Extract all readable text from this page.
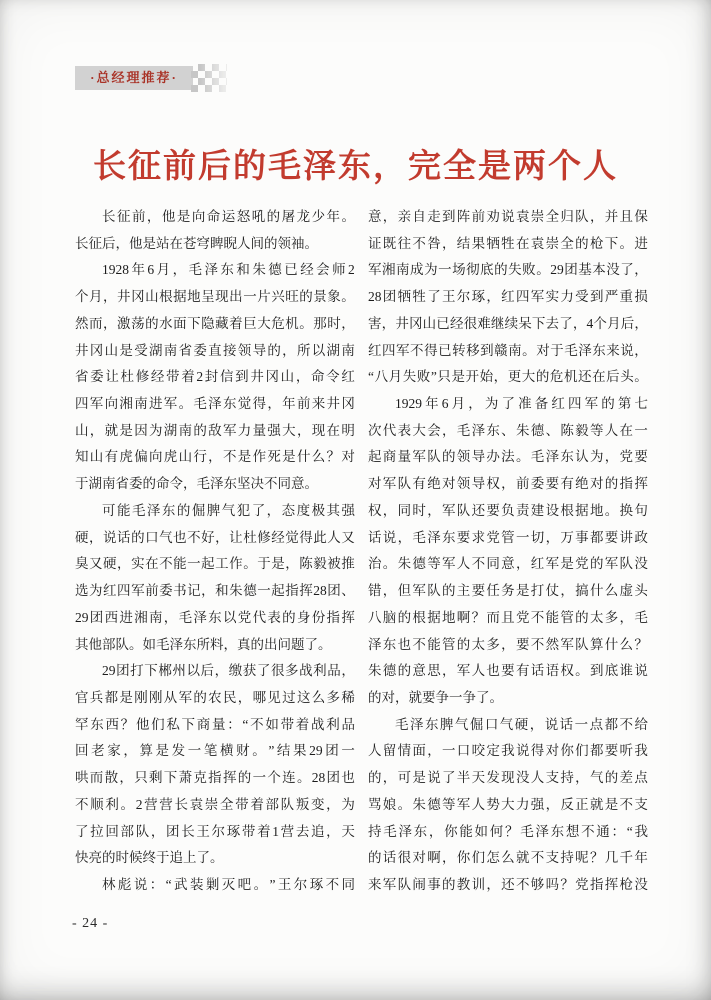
·总经理推荐·
长征前后的毛泽东，完全是两个人
长 征 前 ， 他 是 向 命 运 怒 吼 的 屠 龙 少 年 。
长征后，他是站在苍穹睥睨人间的领袖。
1928 年 6 月 ， 毛 泽 东 和 朱 德 已 经 会 师 2
个 月 ， 井 冈 山 根 据 地 呈 现 出 一 片 兴 旺 的 景 象 。
然 而 ， 激 荡 的 水 面 下 隐 藏 着 巨 大 危 机 。 那 时 ，
井 冈 山 是 受 湖 南 省 委 直 接 领 导 的 ， 所 以 湖 南
省 委 让 杜 修 经 带 着 2 封 信 到 井 冈 山 ， 命 令 红
四 军 向 湘 南 进 军 。 毛 泽 东 觉 得 ， 年 前 来 井 冈
山 ， 就 是 因 为 湖 南 的 敌 军 力 量 强 大 ， 现 在 明
知 山 有 虎 偏 向 虎 山 行 ， 不 是 作 死 是 什 么 ？ 对
于湖南省委的命令，毛泽东坚决不同意。
可 能 毛 泽 东 的 倔 脾 气 犯 了 ， 态 度 极 其 强
硬 ， 说 话 的 口 气 也 不 好 ， 让 杜 修 经 觉 得 此 人 又
臭 又 硬 ， 实 在 不 能 一 起 工 作 。 于 是 ， 陈 毅 被 推
选 为 红 四 军 前 委 书 记 ， 和 朱 德 一 起 指 挥 28 团 、
29 团 西 进 湘 南 ， 毛 泽 东 以 党 代 表 的 身 份 指 挥
其他部队。如毛泽东所料，真的出问题了。
29 团 打 下 郴 州 以 后 ， 缴 获 了 很 多 战 利 品 ，
官 兵 都 是 刚 刚 从 军 的 农 民 ， 哪 见 过 这 么 多 稀
罕 东 西 ？ 他 们 私 下 商 量 ： “ 不 如 带 着 战 利 品
回 老 家 ， 算 是 发 一 笔 横 财 。 ” 结 果 29 团 一
哄 而 散 ， 只 剩 下 萧 克 指 挥 的 一 个 连 。 28 团 也
不 顺 利 。 2 营 营 长 袁 崇 全 带 着 部 队 叛 变 ， 为
了 拉 回 部 队 ， 团 长 王 尔 琢 带 着 1 营 去 追 ， 天
快亮的时候终于追上了。
林 彪 说 ： “ 武 装 剿 灭 吧 。 ” 王 尔 琢 不 同
意 ， 亲 自 走 到 阵 前 劝 说 袁 崇 全 归 队 ， 并 且 保
证 既 往 不 咎 ， 结 果 牺 牲 在 袁 崇 全 的 枪 下 。 进
军 湘 南 成 为 一 场 彻 底 的 失 败 。 29 团 基 本 没 了 ，
28 团 牺 牲 了 王 尔 琢 ， 红 四 军 实 力 受 到 严 重 损
害 ， 井 冈 山 已 经 很 难 继 续 呆 下 去 了 ， 4 个 月 后 ，
红 四 军 不 得 已 转 移 到 赣 南 。 对 于 毛 泽 东 来 说 ，
“ 八 月 失 败 ” 只 是 开 始 ， 更 大 的 危 机 还 在 后 头 。
1929 年 6 月 ， 为 了 准 备 红 四 军 的 第 七
次 代 表 大 会 ， 毛 泽 东 、 朱 德 、 陈 毅 等 人 在 一
起 商 量 军 队 的 领 导 办 法 。 毛 泽 东 认 为 ， 党 要
对 军 队 有 绝 对 领 导 权 ， 前 委 要 有 绝 对 的 指 挥
权 ， 同 时 ， 军 队 还 要 负 责 建 设 根 据 地 。 换 句
话 说 ， 毛 泽 东 要 求 党 管 一 切 ， 万 事 都 要 讲 政
治 。 朱 德 等 军 人 不 同 意 ， 红 军 是 党 的 军 队 没
错 ， 但 军 队 的 主 要 任 务 是 打 仗 ， 搞 什 么 虚 头
八 脑 的 根 据 地 啊 ？ 而 且 党 不 能 管 的 太 多 ， 毛
泽 东 也 不 能 管 的 太 多 ， 要 不 然 军 队 算 什 么 ？
朱 德 的 意 思 ， 军 人 也 要 有 话 语 权 。 到 底 谁 说
的对，就要争一争了。
毛 泽 东 脾 气 倔 口 气 硬 ， 说 话 一 点 都 不 给
人 留 情 面 ， 一 口 咬 定 我 说 得 对 你 们 都 要 听 我
的 ， 可 是 说 了 半 天 发 现 没 人 支 持 ， 气 的 差 点
骂 娘 。 朱 德 等 军 人 势 大 力 强 ， 反 正 就 是 不 支
持 毛 泽 东 ， 你 能 如 何 ？ 毛 泽 东 想 不 通 ： “ 我
的 话 很 对 啊 ， 你 们 怎 么 就 不 支 持 呢 ？ 几 千 年
来 军 队 闹 事 的 教 训 ， 还 不 够 吗 ？ 党 指 挥 枪 没
- 24 -
